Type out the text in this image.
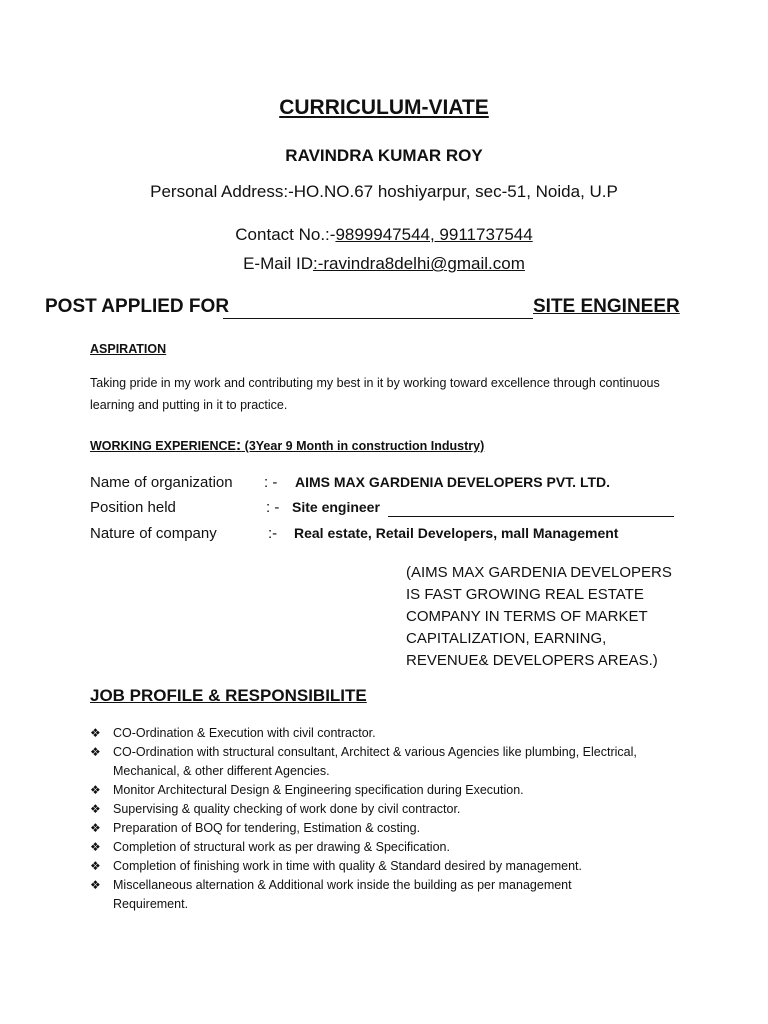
CURRICULUM-VIATE
RAVINDRA KUMAR ROY
Personal Address:-HO.NO.67 hoshiyarpur, sec-51, Noida, U.P
Contact No.:-9899947544, 9911737544
E-Mail ID:-ravindra8delhi@gmail.com
POST APPLIED FOR	SITE ENGINEER
ASPIRATION
Taking pride in my work and contributing my best in it by working toward excellence through continuous learning and putting in it to practice.
WORKING EXPERIENCE: (3Year 9 Month in construction Industry)
Name of organization : - AIMS MAX GARDENIA DEVELOPERS PVT. LTD.
Position held	: - Site engineer
Nature of company	:- Real estate, Retail Developers, mall Management
(AIMS MAX GARDENIA DEVELOPERS IS FAST GROWING REAL ESTATE COMPANY IN TERMS OF MARKET CAPITALIZATION, EARNING, REVENUE& DEVELOPERS AREAS.)
JOB PROFILE & RESPONSIBILITE
❖ CO-Ordination & Execution with civil contractor.
❖ CO-Ordination with structural consultant, Architect & various Agencies like plumbing, Electrical, Mechanical, & other different Agencies.
❖ Monitor Architectural Design & Engineering specification during Execution.
❖ Supervising & quality checking of work done by civil contractor.
❖ Preparation of BOQ for tendering, Estimation & costing.
❖ Completion of structural work as per drawing & Specification.
❖ Completion of finishing work in time with quality & Standard desired by management.
❖ Miscellaneous alternation & Additional work inside the building as per management Requirement.
